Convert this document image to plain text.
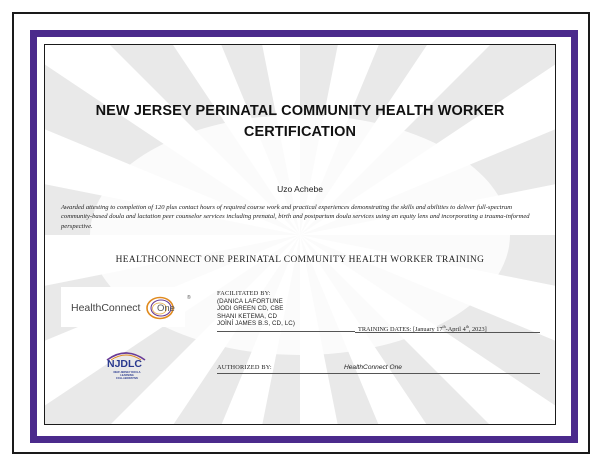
NEW JERSEY PERINATAL COMMUNITY HEALTH WORKER
CERTIFICATION
Uzo Achebe
Awarded attesting to completion of 120 plus contact hours of required course work and practical experiences demonstrating the skills and abilities to deliver full-spectrum community-based doula and lactation peer counselor services including prenatal, birth and postpartum doula services using an equity lens and incorporating a trauma-informed perspective.
HEALTHCONNECT ONE PERINATAL COMMUNITY HEALTH WORKER TRAINING
HealthConnect One
®
FACILITATED BY:
(DANICA LAFORTUNE
JODI GREEN CD, CBE
SHANI KETEMA, CD
JOÌNÍ JAMES B.S, CD, LC)
TRAINING DATES: [January 17th-April 4th, 2023]
NJDLC
NEW JERSEY DOULA LEARNING COLLABORATIVE
AUTHORIZED BY:	HealthConnect One
